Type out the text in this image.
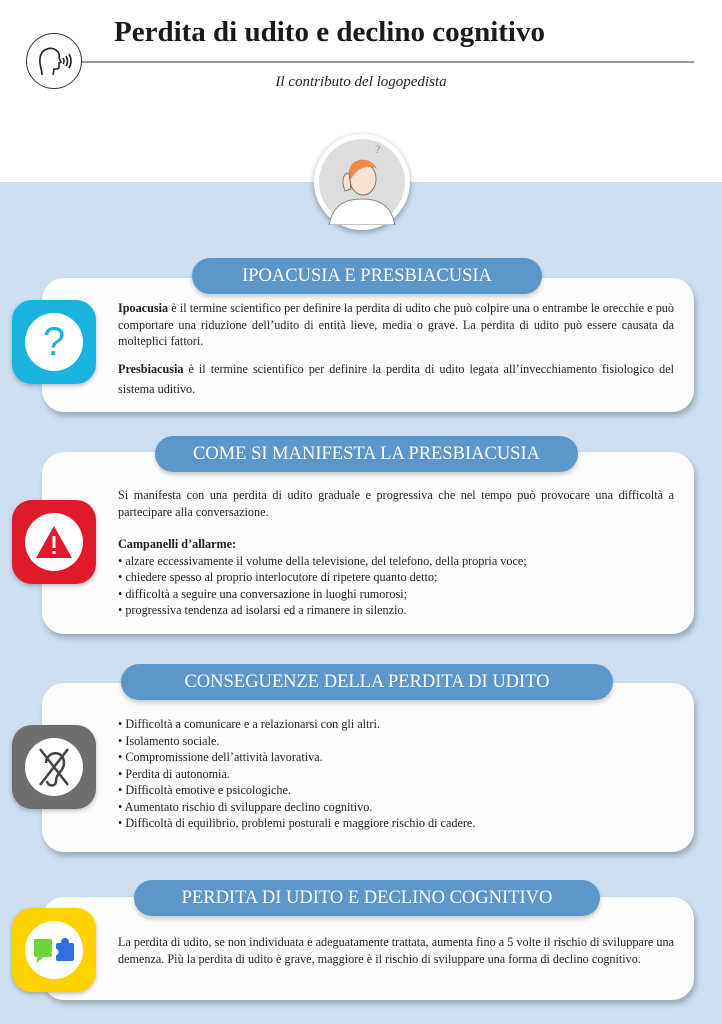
Perdita di udito e declino cognitivo
Il contributo del logopedista
?
IPOACUSIA E PRESBIACUSIA
?

Ipoacusia è il termine scientifico per definire la perdita di udito che può colpire una o entrambe le orecchie e può comportare una riduzione dell’udito di entità lieve, media o grave. La perdita di udito può essere causata da molteplici fattori.

Presbiacusia è il termine scientifico per definire la perdita di udito legata all’invecchiamento fisiologico del sistema uditivo.

COME SI MANIFESTA LA PRESBIACUSIA

Si manifesta con una perdita di udito graduale e progressiva che nel tempo può provocare una difficoltà a partecipare alla conversazione.

Campanelli d’allarme:
• alzare eccessivamente il volume della televisione, del telefono, della propria voce;
• chiedere spesso al proprio interlocutore di ripetere quanto detto;
• difficoltà a seguire una conversazione in luoghi rumorosi;
• progressiva tendenza ad isolarsi ed a rimanere in silenzio.
CONSEGUENZE DELLA PERDITA DI UDITO
• Difficoltà a comunicare e a relazionarsi con gli altri.
• Isolamento sociale.
• Compromissione dell’attività lavorativa.
• Perdita di autonomia.
• Difficoltà emotive e psicologiche.
• Aumentato rischio di sviluppare declino cognitivo.
• Difficoltà di equilibrio, problemi posturali e maggiore rischio di cadere.
PERDITA DI UDITO E DECLINO COGNITIVO
La perdita di udito, se non individuata e adeguatamente trattata, aumenta fino a 5 volte il rischio di sviluppare una demenza. Più la perdita di udito è grave, maggiore è il rischio di sviluppare una forma di declino cognitivo.
